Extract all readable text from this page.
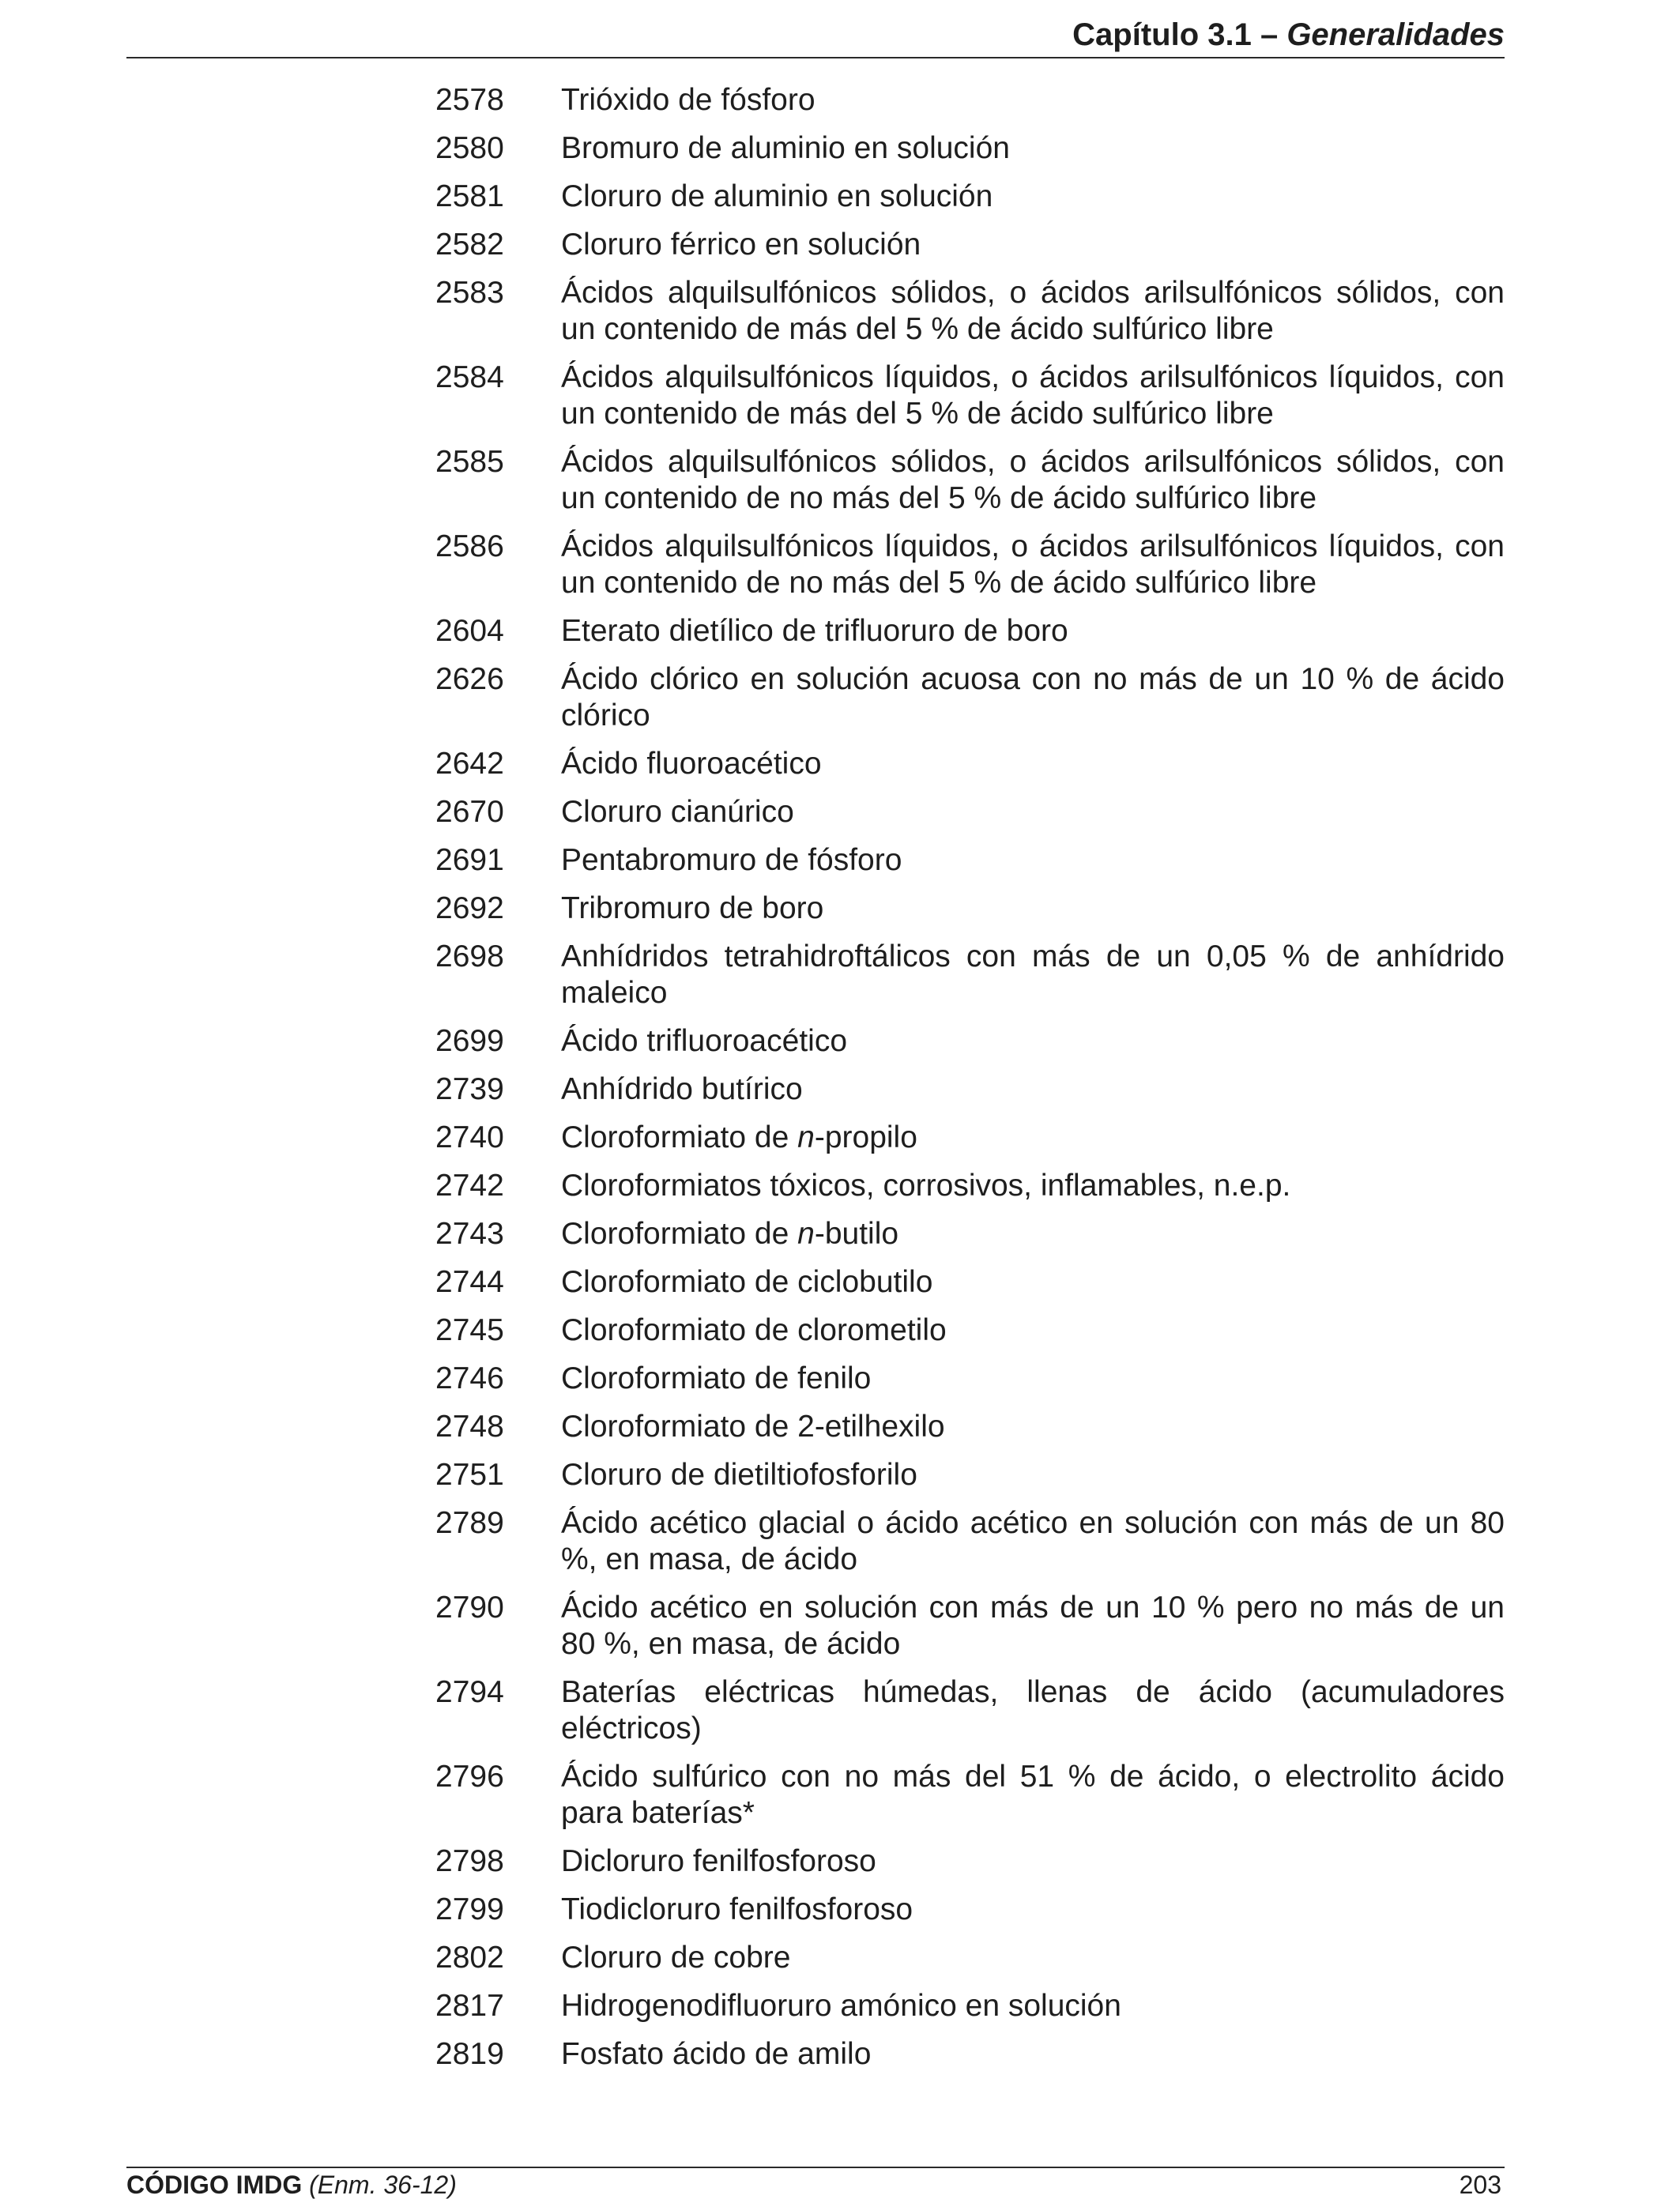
Capítulo 3.1 – Generalidades
2578	Trióxido de fósforo
2580	Bromuro de aluminio en solución
2581	Cloruro de aluminio en solución
2582	Cloruro férrico en solución
2583	Ácidos alquilsulfónicos sólidos, o ácidos arilsulfónicos sólidos, con un contenido de más del 5 % de ácido sulfúrico libre
2584	Ácidos alquilsulfónicos líquidos, o ácidos arilsulfónicos líquidos, con un contenido de más del 5 % de ácido sulfúrico libre
2585	Ácidos alquilsulfónicos sólidos, o ácidos arilsulfónicos sólidos, con un contenido de no más del 5 % de ácido sulfúrico libre
2586	Ácidos alquilsulfónicos líquidos, o ácidos arilsulfónicos líquidos, con un contenido de no más del 5 % de ácido sulfúrico libre
2604	Eterato dietílico de trifluoruro de boro
2626	Ácido clórico en solución acuosa con no más de un 10 % de ácido clórico
2642	Ácido fluoroacético
2670	Cloruro cianúrico
2691	Pentabromuro de fósforo
2692	Tribromuro de boro
2698	Anhídridos tetrahidroftálicos con más de un 0,05 % de anhídrido maleico
2699	Ácido trifluoroacético
2739	Anhídrido butírico
2740	Cloroformiato de n-propilo
2742	Cloroformiatos tóxicos, corrosivos, inflamables, n.e.p.
2743	Cloroformiato de n-butilo
2744	Cloroformiato de ciclobutilo
2745	Cloroformiato de clorometilo
2746	Cloroformiato de fenilo
2748	Cloroformiato de 2-etilhexilo
2751	Cloruro de dietiltiofosforilo
2789	Ácido acético glacial o ácido acético en solución con más de un 80 %, en masa, de ácido
2790	Ácido acético en solución con más de un 10 % pero no más de un 80 %, en masa, de ácido
2794	Baterías eléctricas húmedas, llenas de ácido (acumuladores eléctricos)
2796	Ácido sulfúrico con no más del 51 % de ácido, o electrolito ácido para baterías*
2798	Dicloruro fenilfosforoso
2799	Tiodicloruro fenilfosforoso
2802	Cloruro de cobre
2817	Hidrogenodifluoruro amónico en solución
2819	Fosfato ácido de amilo
CÓDIGO IMDG (Enm. 36-12)	203
